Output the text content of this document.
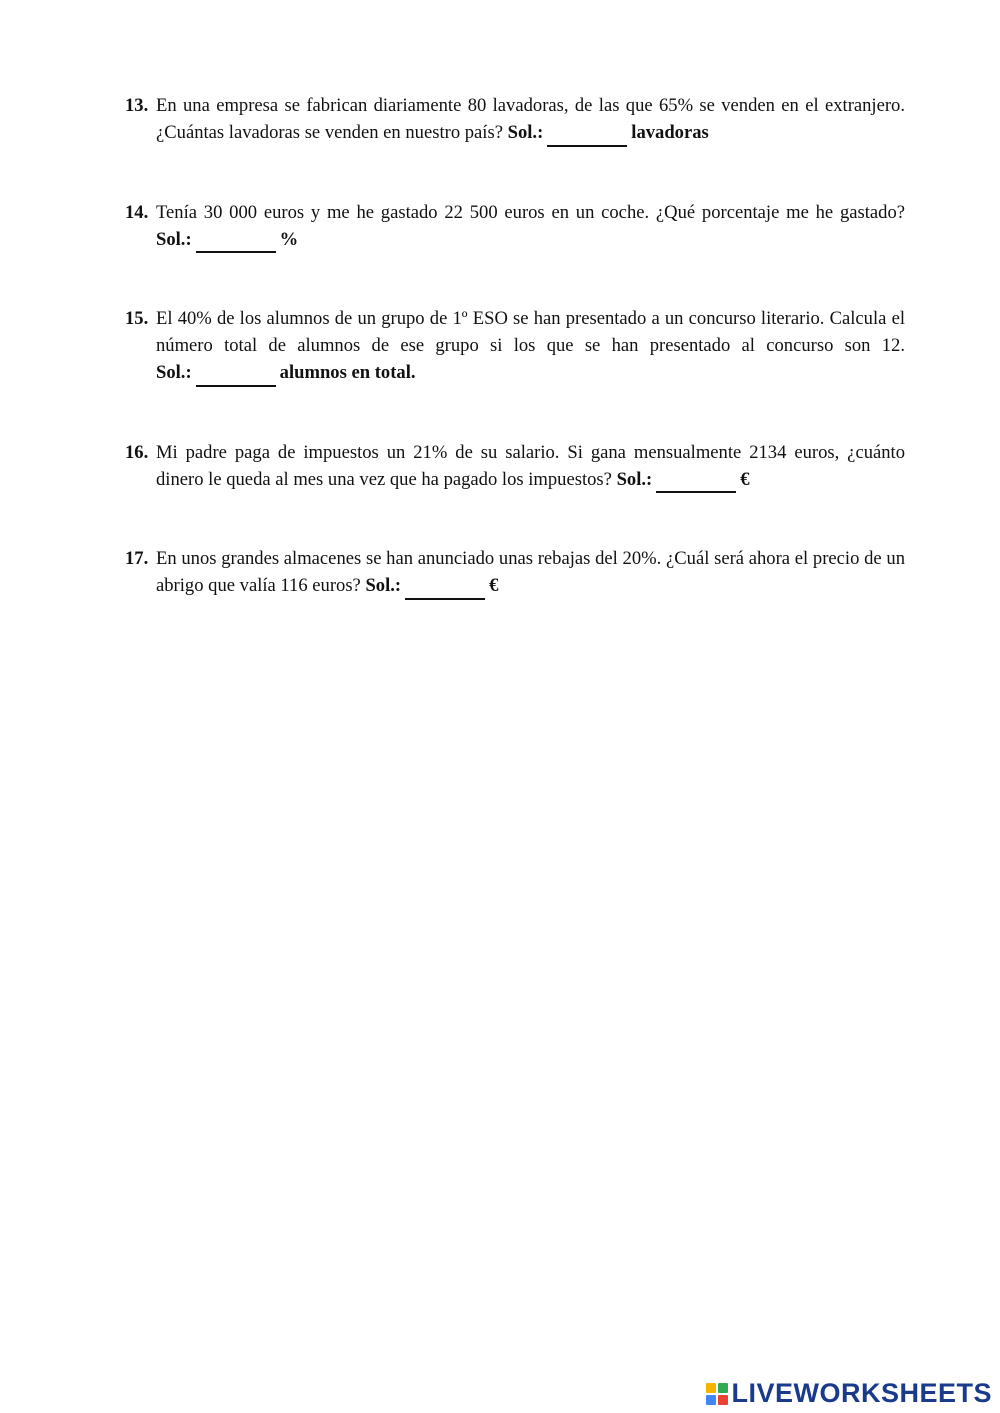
13. En una empresa se fabrican diariamente 80 lavadoras, de las que 65% se venden en el extranjero. ¿Cuántas lavadoras se venden en nuestro país? Sol.:	lavadoras
14. Tenía 30 000 euros y me he gastado 22 500 euros en un coche. ¿Qué porcentaje me he gastado? Sol.:	%
15. El 40% de los alumnos de un grupo de 1º ESO se han presentado a un concurso literario. Calcula el número total de alumnos de ese grupo si los que se han presentado al concurso son 12. Sol.:	alumnos en total.
16. Mi padre paga de impuestos un 21% de su salario. Si gana mensualmente 2134 euros, ¿cuánto dinero le queda al mes una vez que ha pagado los impuestos? Sol.:	€
17. En unos grandes almacenes se han anunciado unas rebajas del 20%. ¿Cuál será ahora el precio de un abrigo que valía 116 euros? Sol.:	€
LIVEWORKSHEETS
